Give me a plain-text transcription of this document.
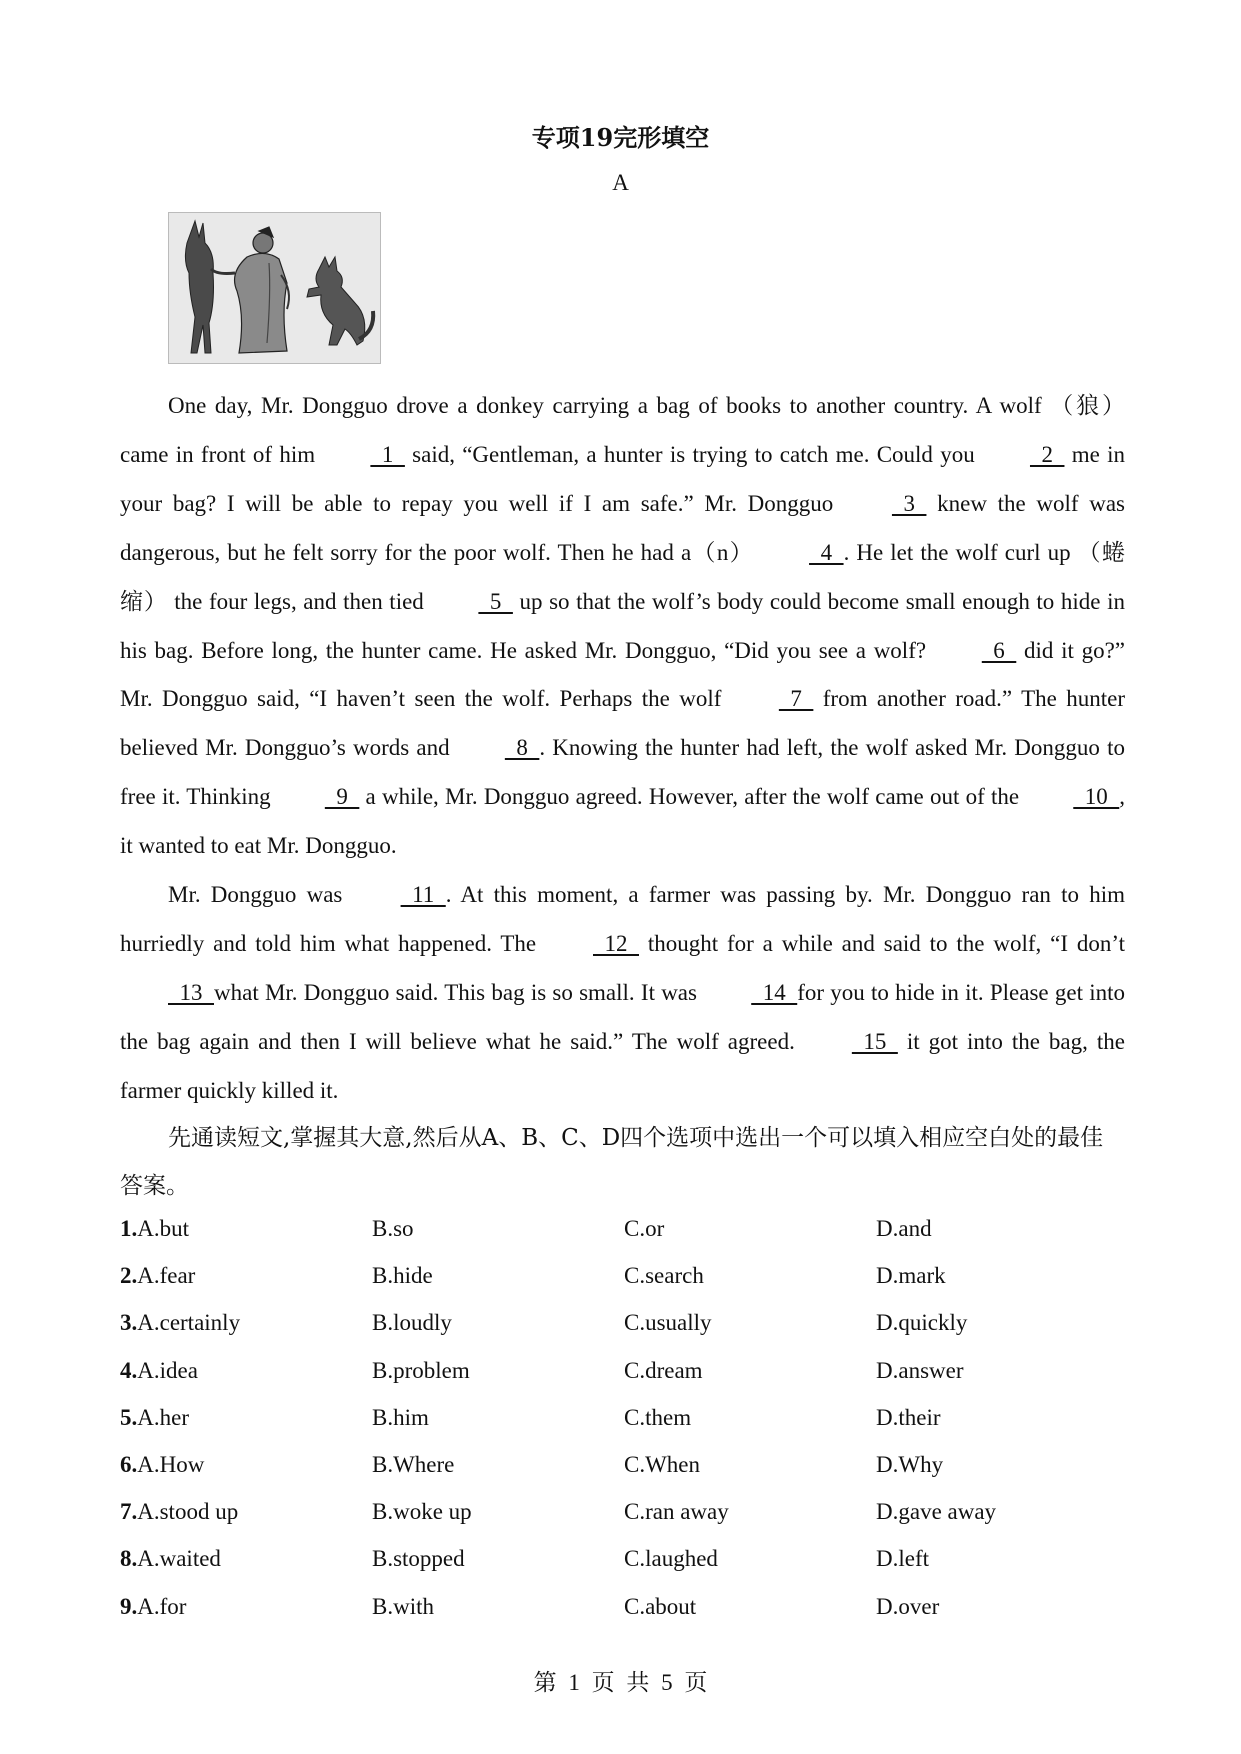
专项19完形填空
A

One day, Mr. Dongguo drove a donkey carrying a bag of books to another country. A wolf （狼） came in front of him   1   said, “Gentleman, a hunter is trying to catch me. Could you   2   me in your bag? I will be able to repay you well if I am safe.” Mr. Dongguo   3   knew the wolf was dangerous, but he felt sorry for the poor wolf. Then he had a（n）   4  . He let the wolf curl up （蜷缩） the four legs, and then tied   5   up so that the wolf’s body could become small enough to hide in his bag. Before long, the hunter came. He asked Mr. Dongguo, “Did you see a wolf?   6   did it go?” Mr. Dongguo said, “I haven’t seen the wolf. Perhaps the wolf   7   from another road.” The hunter believed Mr. Dongguo’s words and   8  . Knowing the hunter had left, the wolf asked Mr. Dongguo to free it. Thinking   9   a while, Mr. Dongguo agreed. However, after the wolf came out of the   10  , it wanted to eat Mr. Dongguo.

Mr. Dongguo was   11  . At this moment, a farmer was passing by. Mr. Dongguo ran to him hurriedly and told him what happened. The   12   thought for a while and said to the wolf, “I don’t   13  what Mr. Dongguo said. This bag is so small. It was   14  for you to hide in it. Please get into the bag again and then I will believe what he said.” The wolf agreed.   15   it got into the bag, the farmer quickly killed it.

先通读短文,掌握其大意,然后从A、B、C、D四个选项中选出一个可以填入相应空白处的最佳答案。
1.A.but	B.so	C.or	D.and
2.A.fear	B.hide	C.search	D.mark
3.A.certainly	B.loudly	C.usually	D.quickly
4.A.idea	B.problem	C.dream	D.answer
5.A.her	B.him	C.them	D.their
6.A.How	B.Where	C.When	D.Why
7.A.stood up	B.woke up	C.ran away	D.gave away
8.A.waited	B.stopped	C.laughed	D.left
9.A.for	B.with	C.about	D.over
第 1 页 共 5 页
